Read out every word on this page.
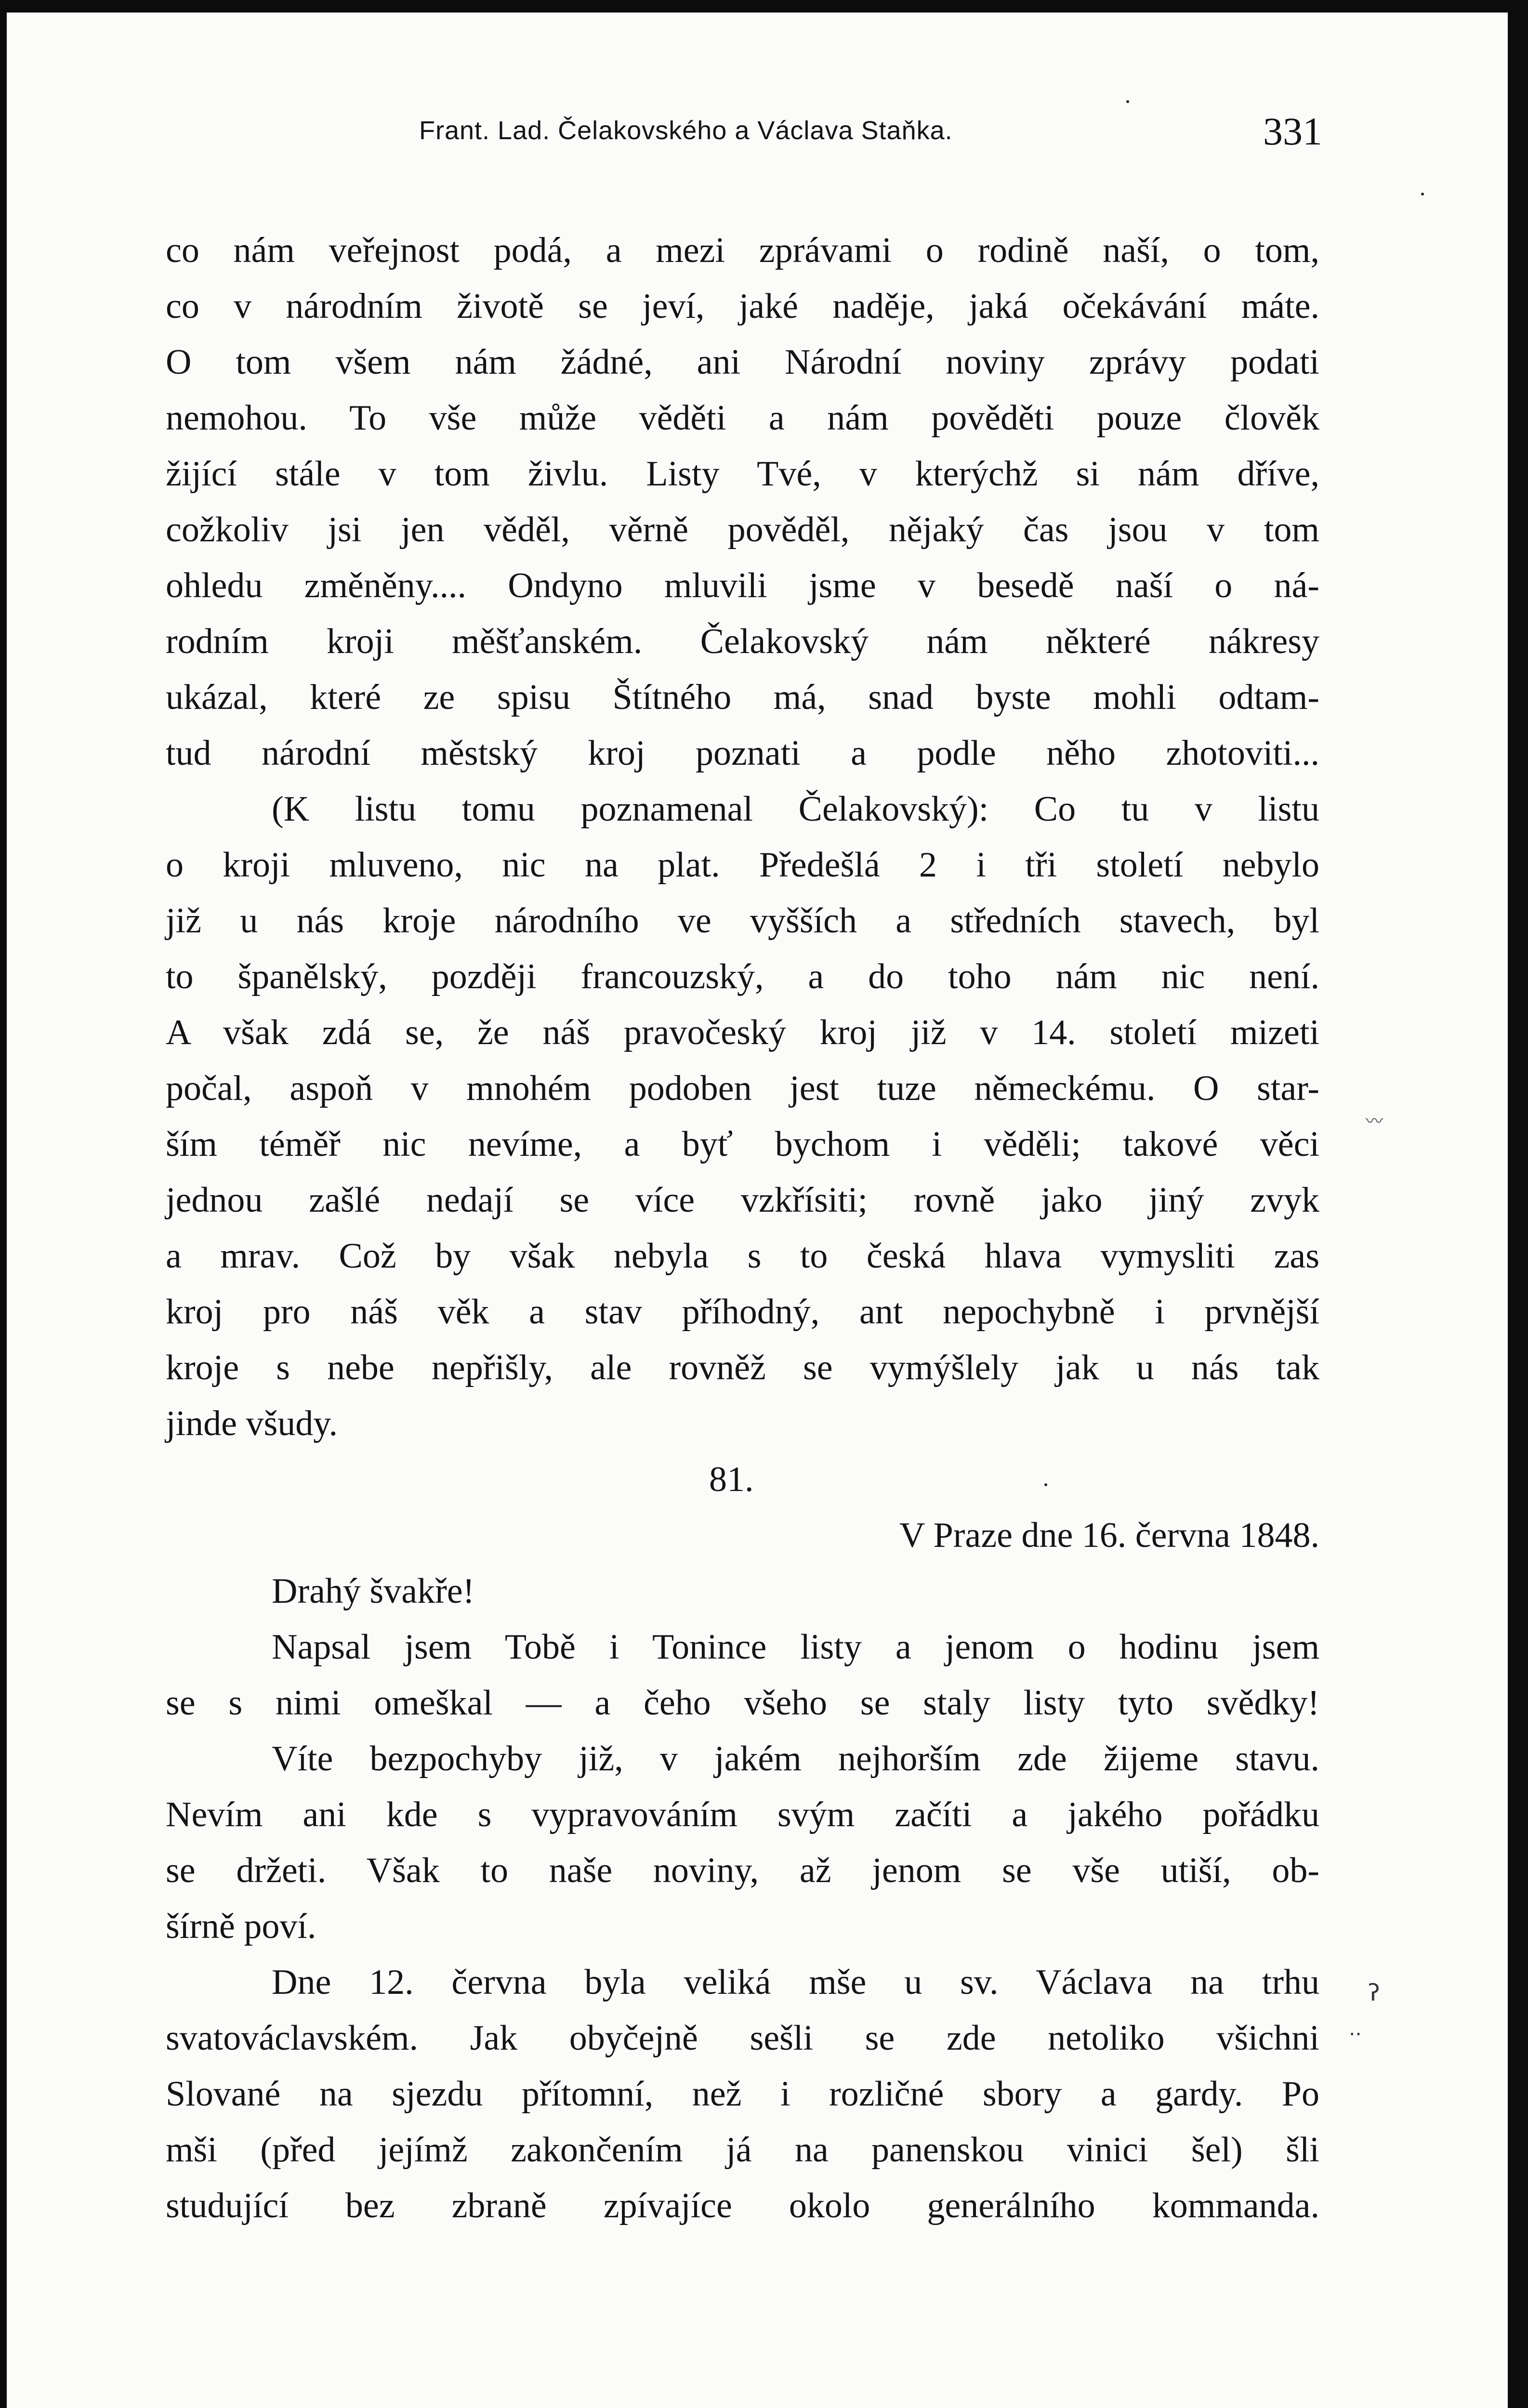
Frant. Lad. Čelakovského a Václava Staňka.	331
co nám veřejnost podá, a mezi zprávami o rodině naší, o tom,
co v národním životě se jeví, jaké naděje, jaká očekávání máte.
O tom všem nám žádné, ani Národní noviny zprávy podati
nemohou. To vše může věděti a nám pověděti pouze člověk
žijící stále v tom živlu. Listy Tvé, v kterýchž si nám dříve,
cožkoliv jsi jen věděl, věrně pověděl, nějaký čas jsou v tom
ohledu změněny.... Ondyno mluvili jsme v besedě naší o ná-
rodním kroji měšťanském. Čelakovský nám některé nákresy
ukázal, které ze spisu Štítného má, snad byste mohli odtam-
tud národní městský kroj poznati a podle něho zhotoviti...
(K listu tomu poznamenal Čelakovský): Co tu v listu
o kroji mluveno, nic na plat. Předešlá 2 i tři století nebylo
již u nás kroje národního ve vyšších a středních stavech, byl
to španělský, později francouzský, a do toho nám nic není.
A však zdá se, že náš pravočeský kroj již v 14. století mizeti
počal, aspoň v mnohém podoben jest tuze německému. O star-
ším téměř nic nevíme, a byť bychom i věděli; takové věci
jednou zašlé nedají se více vzkřísiti; rovně jako jiný zvyk
a mrav. Což by však nebyla s to česká hlava vymysliti zas
kroj pro náš věk a stav příhodný, ant nepochybně i prvnější
kroje s nebe nepřišly, ale rovněž se vymýšlely jak u nás tak
jinde všudy.
81.
V Praze dne 16. června 1848.
Drahý švakře!
Napsal jsem Tobě i Tonince listy a jenom o hodinu jsem
se s nimi omeškal — a čeho všeho se staly listy tyto svědky!
Víte bezpochyby již, v jakém nejhorším zde žijeme stavu.
Nevím ani kde s vypravováním svým začíti a jakého pořádku
se držeti. Však to naše noviny, až jenom se vše utiší, ob-
šírně poví.
Dne 12. června byla veliká mše u sv. Václava na trhu
svatováclavském. Jak obyčejně sešli se zde netoliko všichni
Slované na sjezdu přítomní, než i rozličné sbory a gardy. Po
mši (před jejímž zakončením já na panenskou vinici šel) šli
studující bez zbraně zpívajíce okolo generálního kommanda.
〰
ʔ
‥
